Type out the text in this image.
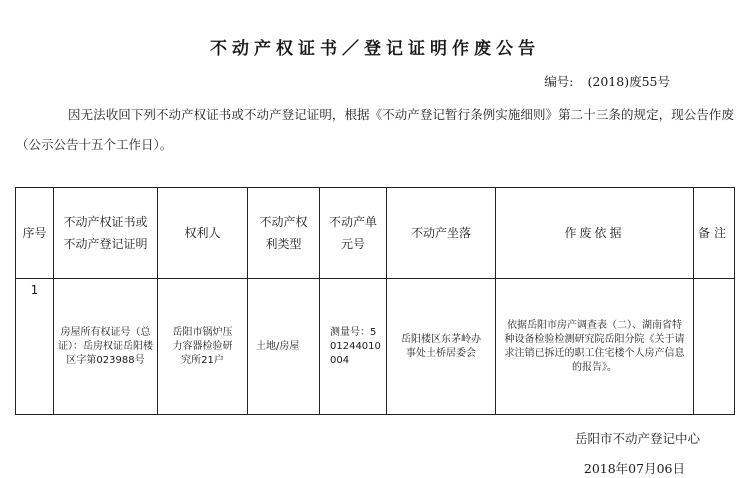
不动产权证书／登记证明作废公告
编号: (2018)废55号
因无法收回下列不动产权证书或不动产登记证明，根据《不动产登记暂行条例实施细则》第二十三条的规定，现公告作废（公示公告十五个工作日）。
序号	不动产权证书或不动产登记证明	权利人	不动产权利类型	不动产单元号	不动产坐落	作废依据	备注
1	房屋所有权证号（总证）：岳房权证岳阳楼区字第023988号	岳阳市锅炉压力容器检验研究所21户	土地/房屋	测量号：501244010004	岳阳楼区东茅岭办事处土桥居委会	依据岳阳市房产调查表（二）、湖南省特种设备检验检测研究院岳阳分院《关于请求注销已拆迁的职工住宅楼个人房产信息的报告》。	
岳阳市不动产登记中心
2018年07月06日
